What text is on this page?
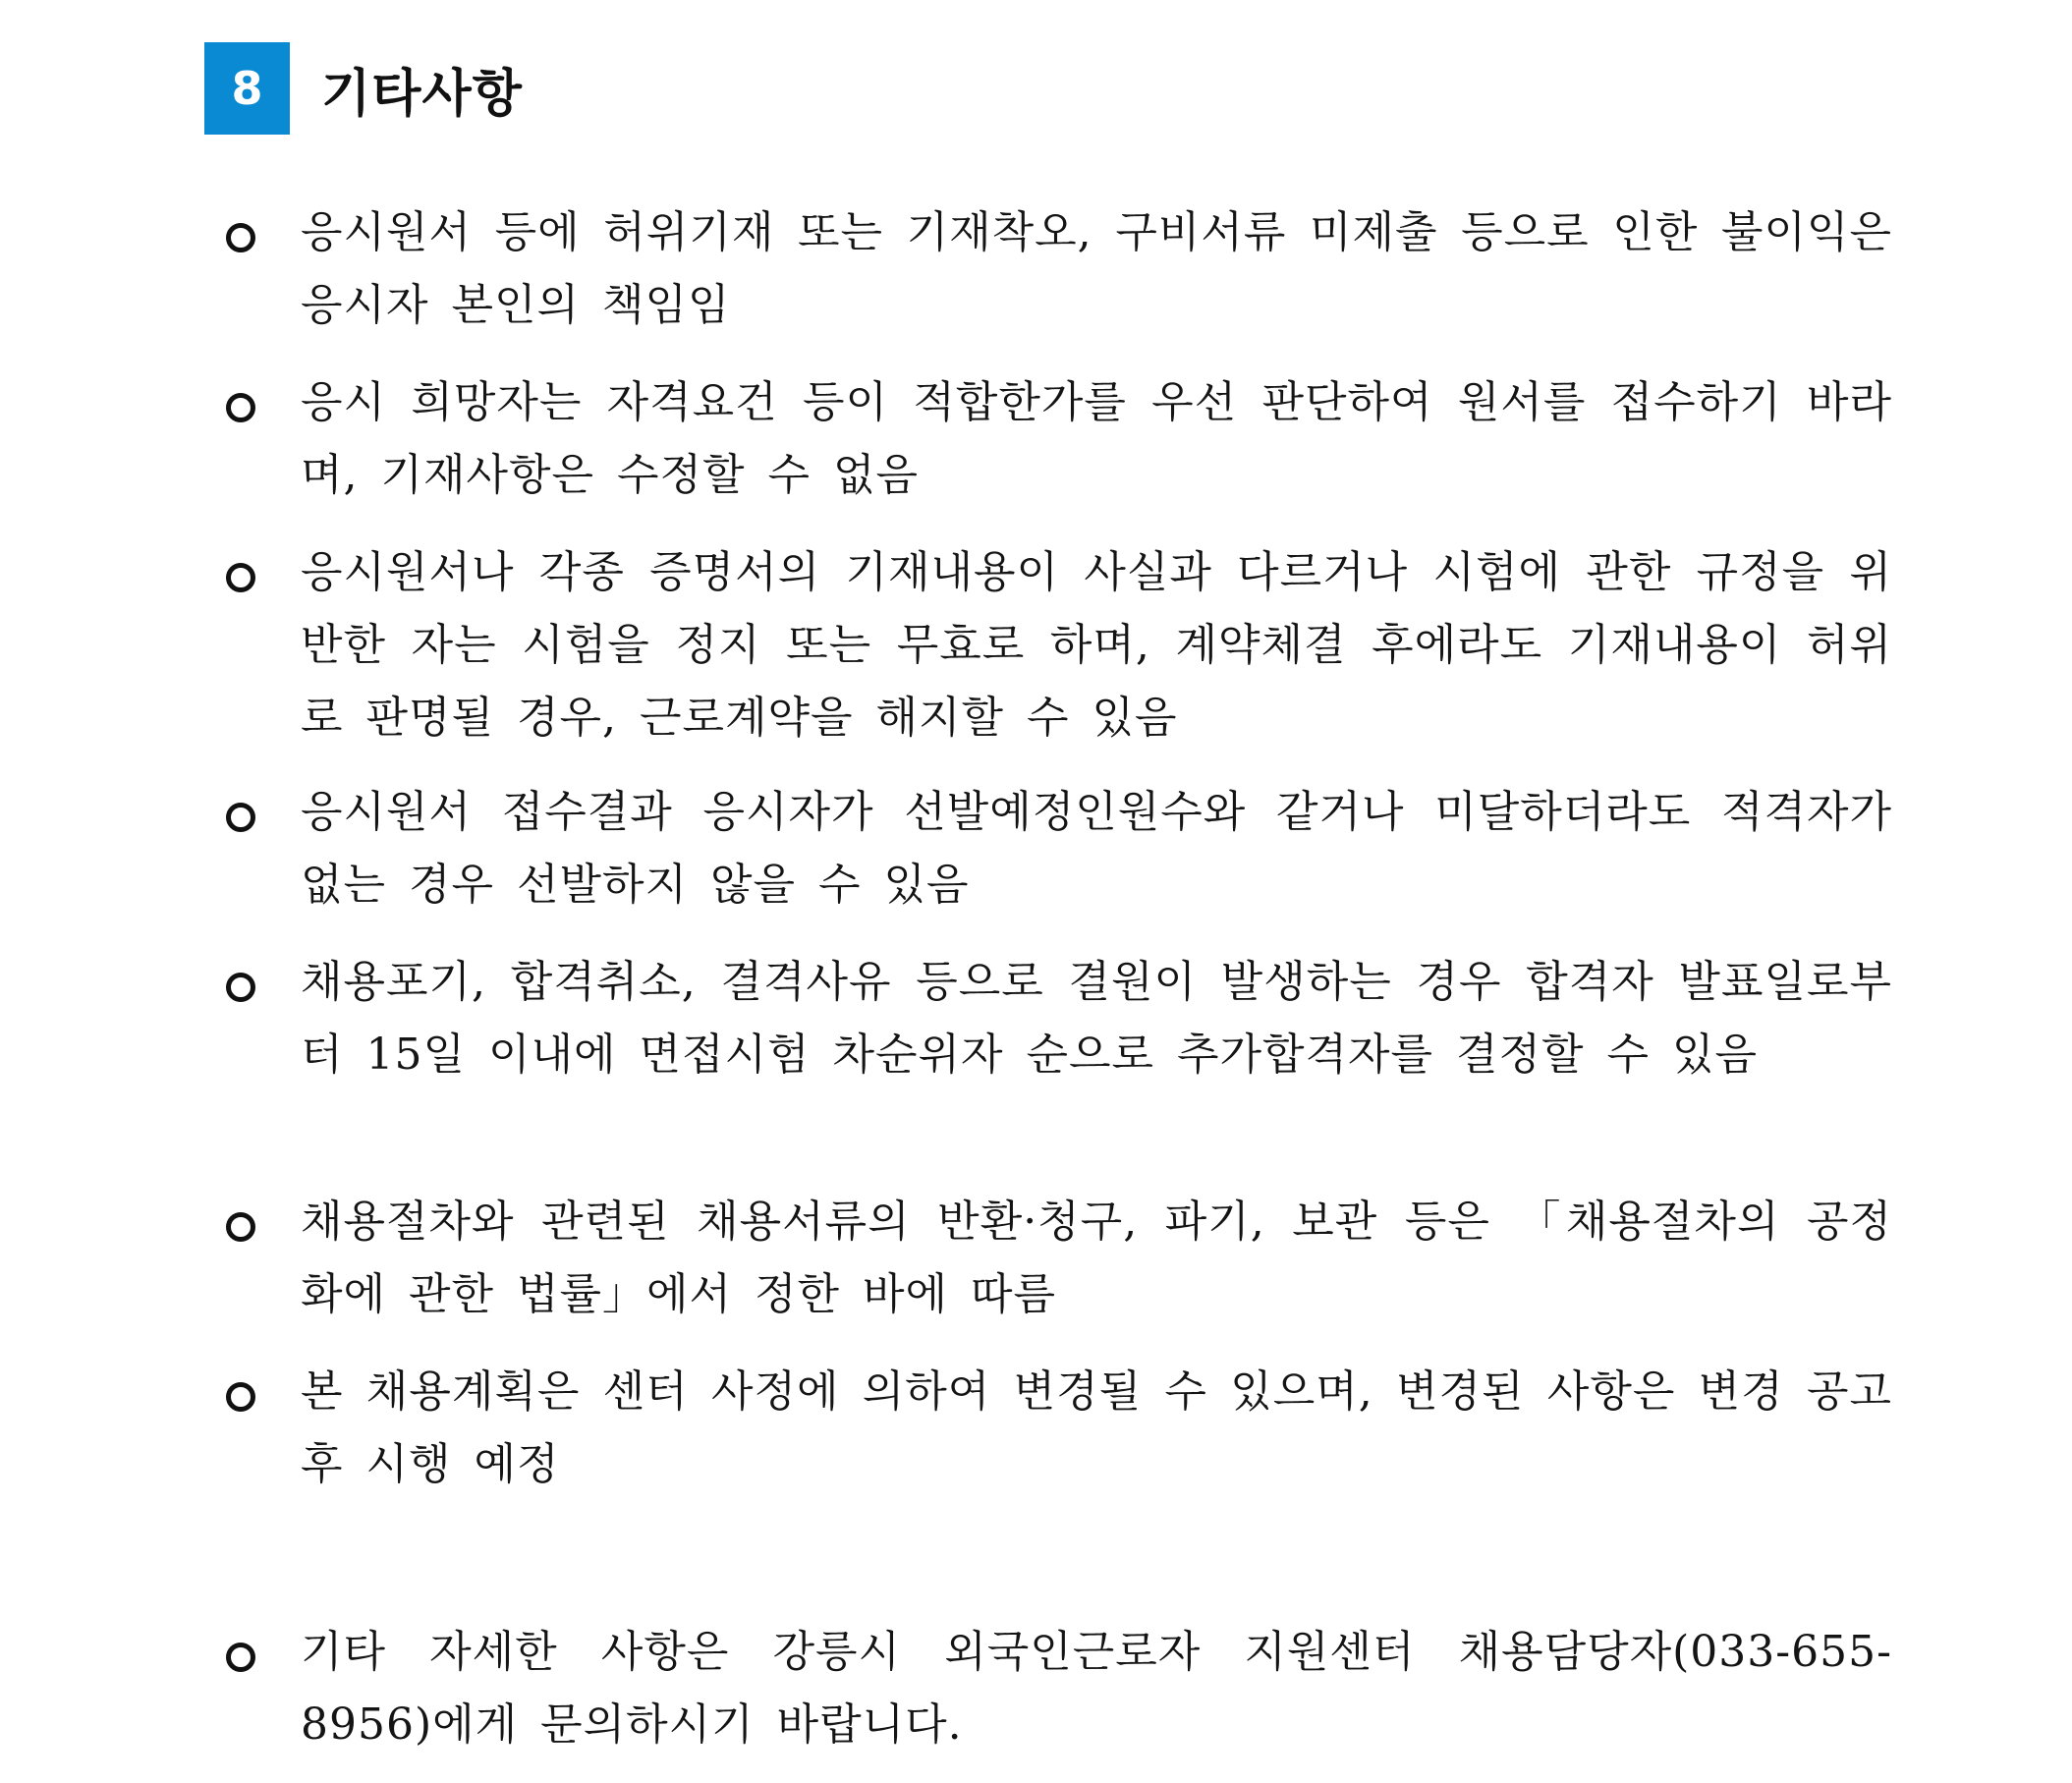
8	기타사항
응시원서 등에 허위기재 또는 기재착오, 구비서류 미제출 등으로 인한 불이익은 응시자 본인의 책임임
응시 희망자는 자격요건 등이 적합한가를 우선 판단하여 원서를 접수하기 바라며, 기재사항은 수정할 수 없음
응시원서나 각종 증명서의 기재내용이 사실과 다르거나 시험에 관한 규정을 위반한 자는 시험을 정지 또는 무효로 하며, 계약체결 후에라도 기재내용이 허위로 판명될 경우, 근로계약을 해지할 수 있음
응시원서 접수결과 응시자가 선발예정인원수와 같거나 미달하더라도 적격자가 없는 경우 선발하지 않을 수 있음
채용포기, 합격취소, 결격사유 등으로 결원이 발생하는 경우 합격자 발표일로부터 15일 이내에 면접시험 차순위자 순으로 추가합격자를 결정할 수 있음
채용절차와 관련된 채용서류의 반환·청구, 파기, 보관 등은 「채용절차의 공정화에 관한 법률」에서 정한 바에 따름
본 채용계획은 센터 사정에 의하여 변경될 수 있으며, 변경된 사항은 변경 공고 후 시행 예정
기타 자세한 사항은 강릉시 외국인근로자 지원센터 채용담당자(033-655-8956)에게 문의하시기 바랍니다.
